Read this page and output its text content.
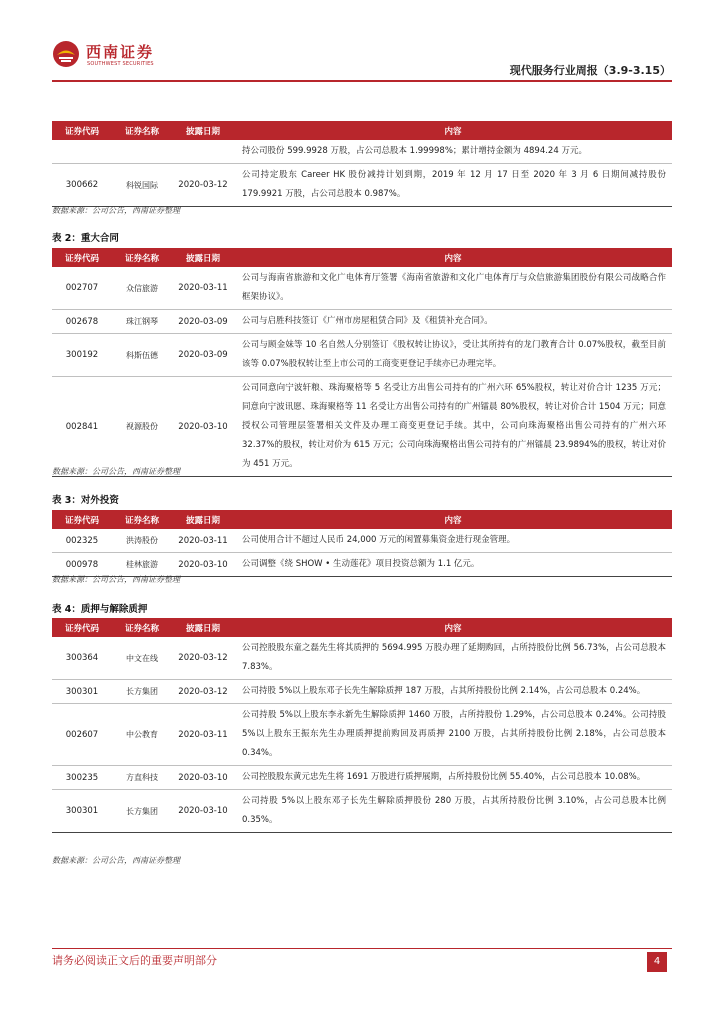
西南证券
SOUTHWEST SECURITIES	现代服务行业周报（3.9-3.15）
证券代码	证券名称	披露日期	内容
			持公司股份 599.9928 万股，占公司总股本 1.99998%；累计增持金额为 4894.24 万元。
300662	科锐国际	2020-03-12	公司持定股东 Career HK 股份减持计划到期，2019 年 12 月 17 日至 2020 年 3 月 6 日期间减持股份 179.9921 万股，占公司总股本 0.987%。
数据来源：公司公告，西南证券整理
表 2：重大合同
证券代码	证券名称	披露日期	内容
002707	众信旅游	2020-03-11	公司与海南省旅游和文化广电体育厅签署《海南省旅游和文化广电体育厅与众信旅游集团股份有限公司战略合作框架协议》。
002678	珠江钢琴	2020-03-09	公司与启胜科技签订《广州市房屋租赁合同》及《租赁补充合同》。
300192	科斯伍德	2020-03-09	公司与顾金妹等 10 名自然人分别签订《股权转让协议》，受让其所持有的龙门教育合计 0.07%股权，截至目前该等 0.07%股权转让至上市公司的工商变更登记手续亦已办理完毕。
002841	视源股份	2020-03-10	公司同意向宁波轩粮、珠海聚格等 5 名受让方出售公司持有的广州六环 65%股权，转让对价合计 1235 万元；同意向宁波讯愿、珠海聚格等 11 名受让方出售公司持有的广州镭晨 80%股权，转让对价合计 1504 万元；同意授权公司管理层签署相关文件及办理工商变更登记手续。其中，公司向珠海聚格出售公司持有的广州六环 32.37%的股权，转让对价为 615 万元；公司向珠海聚格出售公司持有的广州镭晨 23.9894%的股权，转让对价为 451 万元。
数据来源：公司公告，西南证券整理
表 3：对外投资
证券代码	证券名称	披露日期	内容
002325	洪涛股份	2020-03-11	公司使用合计不超过人民币 24,000 万元的闲置募集资金进行现金管理。
000978	桂林旅游	2020-03-10	公司调整《绕 SHOW • 生动莲花》项目投资总额为 1.1 亿元。
数据来源：公司公告，西南证券整理
表 4：质押与解除质押
证券代码	证券名称	披露日期	内容
300364	中文在线	2020-03-12	公司控股股东童之磊先生将其质押的 5694.995 万股办理了延期购回，占所持股份比例 56.73%，占公司总股本 7.83%。
300301	长方集团	2020-03-12	公司持股 5%以上股东邓子长先生解除质押 187 万股，占其所持股份比例 2.14%，占公司总股本 0.24%。
002607	中公教育	2020-03-11	公司持股 5%以上股东李永新先生解除质押 1460 万股，占所持股份 1.29%，占公司总股本 0.24%。公司持股 5%以上股东王振东先生办理质押提前购回及再质押 2100 万股，占其所持股份比例 2.18%，占公司总股本 0.34%。
300235	方直科技	2020-03-10	公司控股股东黄元忠先生将 1691 万股进行质押展期，占所持股份比例 55.40%，占公司总股本 10.08%。
300301	长方集团	2020-03-10	公司持股 5%以上股东邓子长先生解除质押股份 280 万股，占其所持股份比例 3.10%，占公司总股本比例 0.35%。
数据来源：公司公告，西南证券整理
请务必阅读正文后的重要声明部分	4
